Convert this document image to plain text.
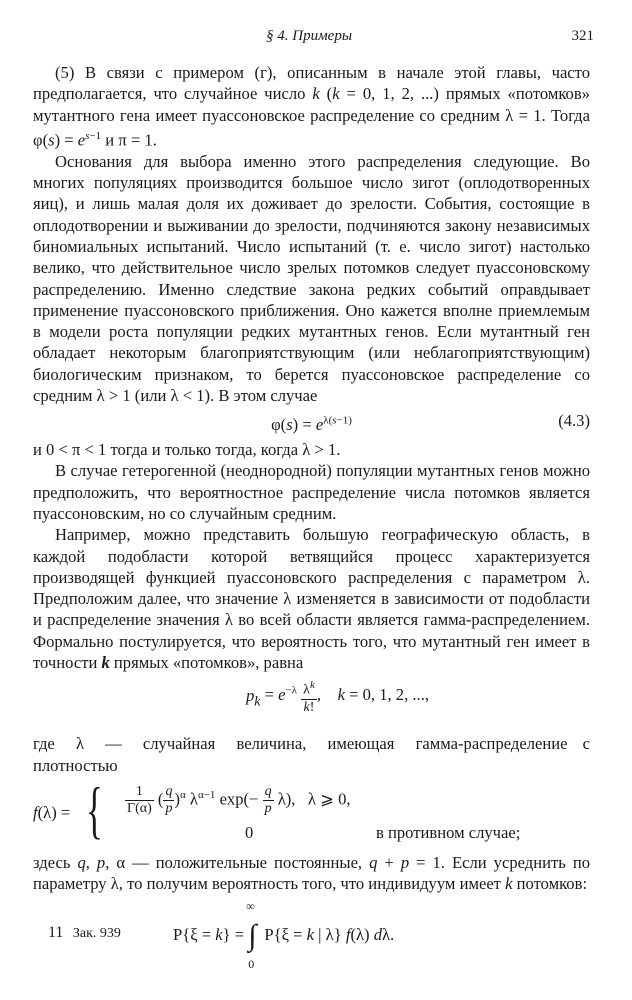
§ 4. Примеры	321

(5) В связи с примером (г), описанным в начале этой главы, часто предполагается, что случайное число k (k = 0, 1, 2, ...) прямых «потомков» мутантного гена имеет пуассоновское распределение со средним λ = 1. Тогда $\varphi(s) = e^{s-1}$ и π = 1.

Основания для выбора именно этого распределения следующие. Во многих популяциях производится большое число зигот (оплодотворенных яиц), и лишь малая доля их доживает до зрелости. События, состоящие в оплодотворении и выживании до зрелости, подчиняются закону независимых биномиальных испытаний. Число испытаний (т. е. число зигот) настолько велико, что действительное число зрелых потомков следует пуассоновскому распределению. Именно следствие закона редких событий оправдывает применение пуассоновского приближения. Оно кажется вполне приемлемым в модели роста популяции редких мутантных генов. Если мутантный ген обладает некоторым благоприятствующим (или неблагоприятствующим) биологическим признаком, то берется пуассоновское распределение со средним λ > 1 (или λ < 1). В этом случае

$\varphi(s) = e^{\lambda(s-1)}$	(4.3)

и 0 < π < 1 тогда и только тогда, когда λ > 1.

В случае гетерогенной (неоднородной) популяции мутантных генов можно предположить, что вероятностное распределение числа потомков является пуассоновским, но со случайным средним.

Например, можно представить большую географическую область, в каждой подобласти которой ветвящийся процесс характеризуется производящей функцией пуассоновского распределения с параметром λ. Предположим далее, что значение λ изменяется в зависимости от подобласти и распределение значения λ во всей области является гамма-распределением. Формально постулируется, что вероятность того, что мутантный ген имеет в точности k прямых «потомков», равна

$p_k = e^{-\lambda} \frac{\lambda^k}{k!}$ ,    k = 0, 1, 2, ...,

где λ — случайная величина, имеющая гамма-распределение с плотностью

f(λ) = { $\frac{1}{\Gamma(\alpha)}$ ( $\frac{q}{p} )^\alpha$ $\lambda^{\alpha-1}$ $\exp(- \frac{q}{p} \lambda)$,   λ ⩾ 0,
0	в противном случае;

здесь q, p, α — положительные постоянные, q + p = 1. Если усреднить по параметру λ, то получим вероятность того, что индивидуум имеет k потомков:

P{ξ = k} = ∫
∞
0
P{ξ = k | λ} f(λ) dλ.
11 Зак. 939
